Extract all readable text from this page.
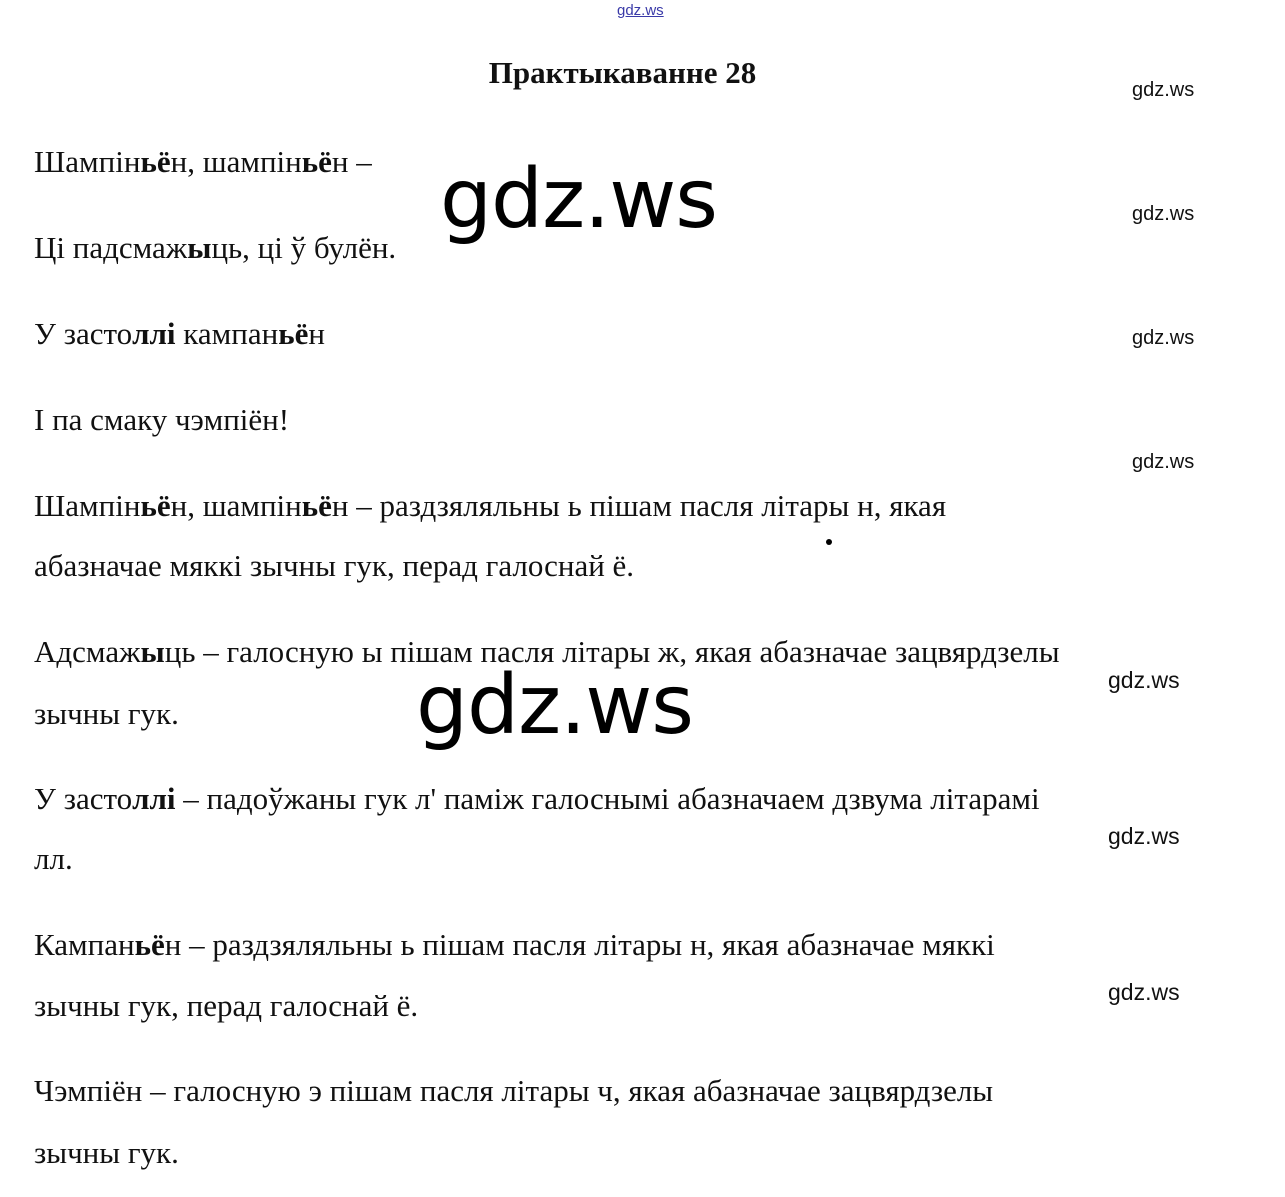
gdz.ws
Практыкаванне 28
Шампіньён, шампіньён –
Ці падсмажыць, ці ў булён.
У застоллі кампаньён
І па смаку чэмпіён!
Шампіньён, шампіньён – раздзяляльны ь пішам пасля літары н, якая
абазначае мяккі зычны гук, перад галоснай ё.
Адсмажыць – галосную ы пішам пасля літары ж, якая абазначае зацвярдзелы
зычны гук.
У застоллі – падоўжаны гук л' паміж галоснымі абазначаем дзвума літарамі
лл.
Кампаньён – раздзяляльны ь пішам пасля літары н, якая абазначае мяккі
зычны гук, перад галоснай ё.
Чэмпіён – галосную э пішам пасля літары ч, якая абазначае зацвярдзелы
зычны гук.
gdz.ws
gdz.ws
gdz.ws
gdz.ws
gdz.ws
gdz.ws
gdz.ws
gdz.ws
gdz.ws
